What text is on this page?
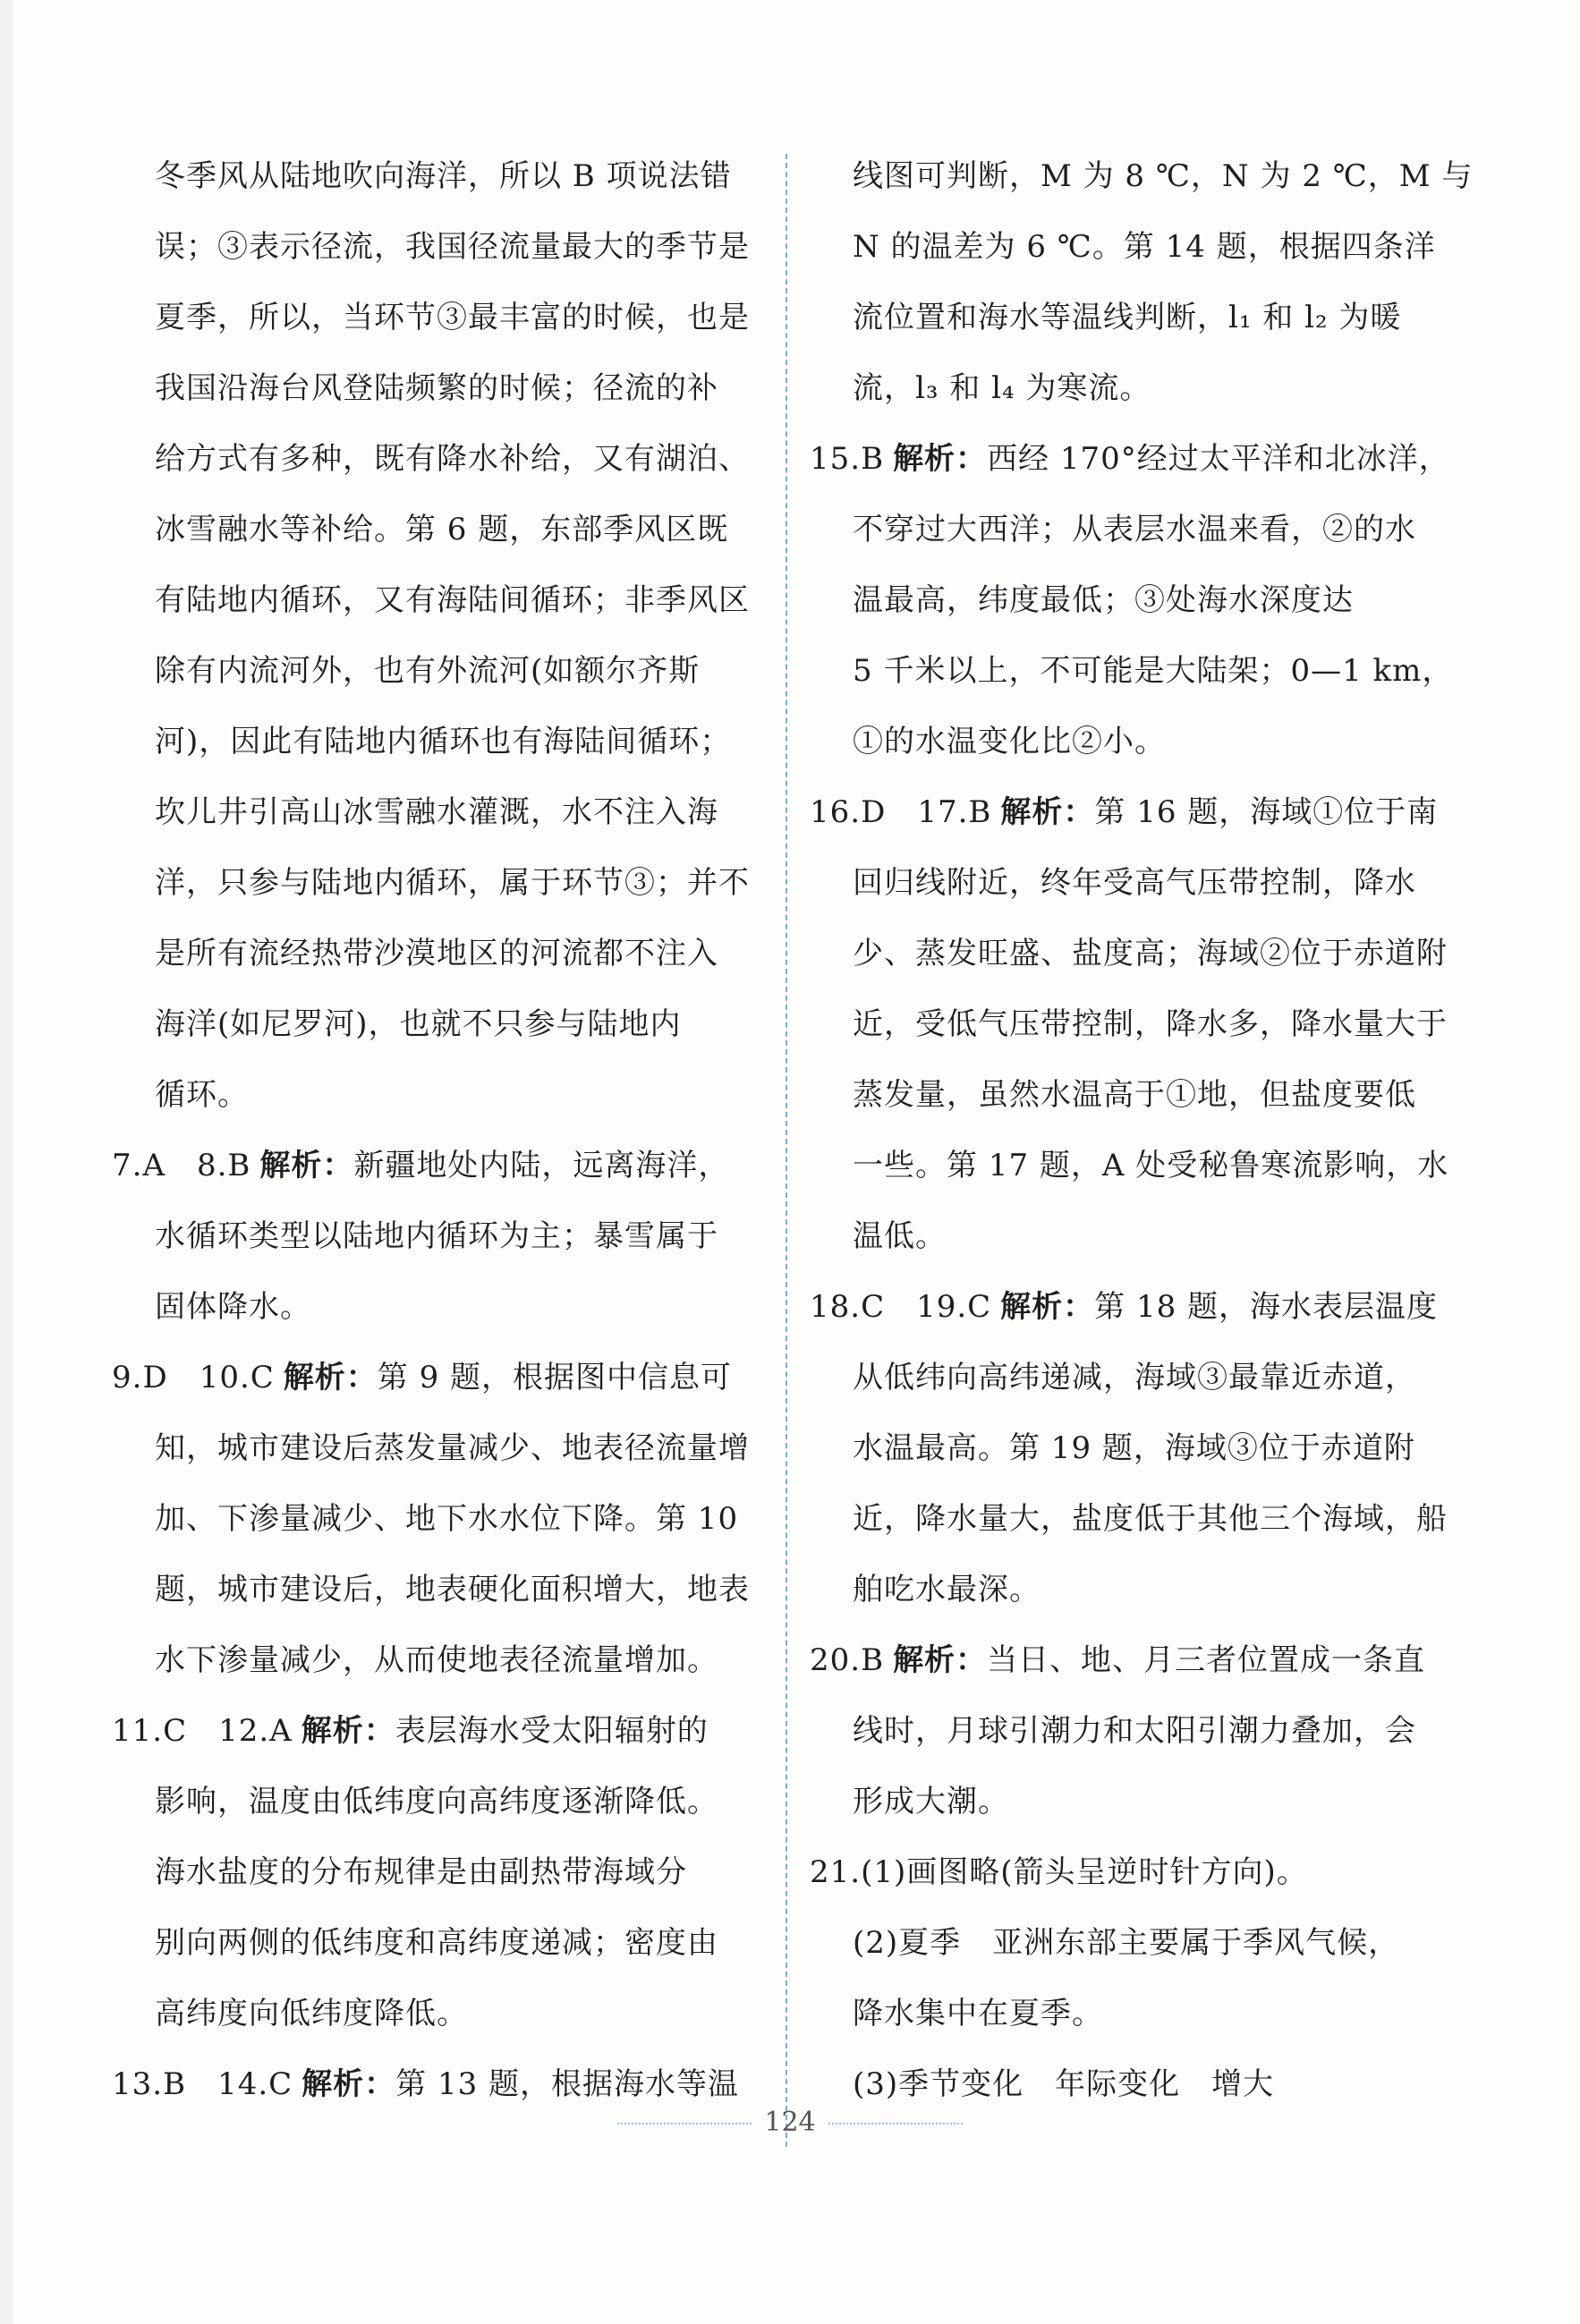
冬季风从陆地吹向海洋，所以 B 项说法错
误；③表示径流，我国径流量最大的季节是
夏季，所以，当环节③最丰富的时候，也是
我国沿海台风登陆频繁的时候；径流的补
给方式有多种，既有降水补给，又有湖泊、
冰雪融水等补给。第 6 题，东部季风区既
有陆地内循环，又有海陆间循环；非季风区
除有内流河外，也有外流河(如额尔齐斯
河)，因此有陆地内循环也有海陆间循环；
坎儿井引高山冰雪融水灌溉，水不注入海
洋，只参与陆地内循环，属于环节③；并不
是所有流经热带沙漠地区的河流都不注入
海洋(如尼罗河)，也就不只参与陆地内
循环。
7.A　8.B 解析：新疆地处内陆，远离海洋，
水循环类型以陆地内循环为主；暴雪属于
固体降水。
9.D　10.C 解析：第 9 题，根据图中信息可
知，城市建设后蒸发量减少、地表径流量增
加、下渗量减少、地下水水位下降。第 10
题，城市建设后，地表硬化面积增大，地表
水下渗量减少，从而使地表径流量增加。
11.C　12.A 解析：表层海水受太阳辐射的
影响，温度由低纬度向高纬度逐渐降低。
海水盐度的分布规律是由副热带海域分
别向两侧的低纬度和高纬度递减；密度由
高纬度向低纬度降低。
13.B　14.C 解析：第 13 题，根据海水等温
线图可判断，M 为 8 ℃，N 为 2 ℃，M 与
N 的温差为 6 ℃。第 14 题，根据四条洋
流位置和海水等温线判断，l₁ 和 l₂ 为暖
流，l₃ 和 l₄ 为寒流。
15.B 解析：西经 170°经过太平洋和北冰洋，
不穿过大西洋；从表层水温来看，②的水
温最高，纬度最低；③处海水深度达
5 千米以上，不可能是大陆架；0—1 km，
①的水温变化比②小。
16.D　17.B 解析：第 16 题，海域①位于南
回归线附近，终年受高气压带控制，降水
少、蒸发旺盛、盐度高；海域②位于赤道附
近，受低气压带控制，降水多，降水量大于
蒸发量，虽然水温高于①地，但盐度要低
一些。第 17 题，A 处受秘鲁寒流影响，水
温低。
18.C　19.C 解析：第 18 题，海水表层温度
从低纬向高纬递减，海域③最靠近赤道，
水温最高。第 19 题，海域③位于赤道附
近，降水量大，盐度低于其他三个海域，船
舶吃水最深。
20.B 解析：当日、地、月三者位置成一条直
线时，月球引潮力和太阳引潮力叠加，会
形成大潮。
21.(1)画图略(箭头呈逆时针方向)。
(2)夏季　亚洲东部主要属于季风气候，
降水集中在夏季。
(3)季节变化　年际变化　增大
124
